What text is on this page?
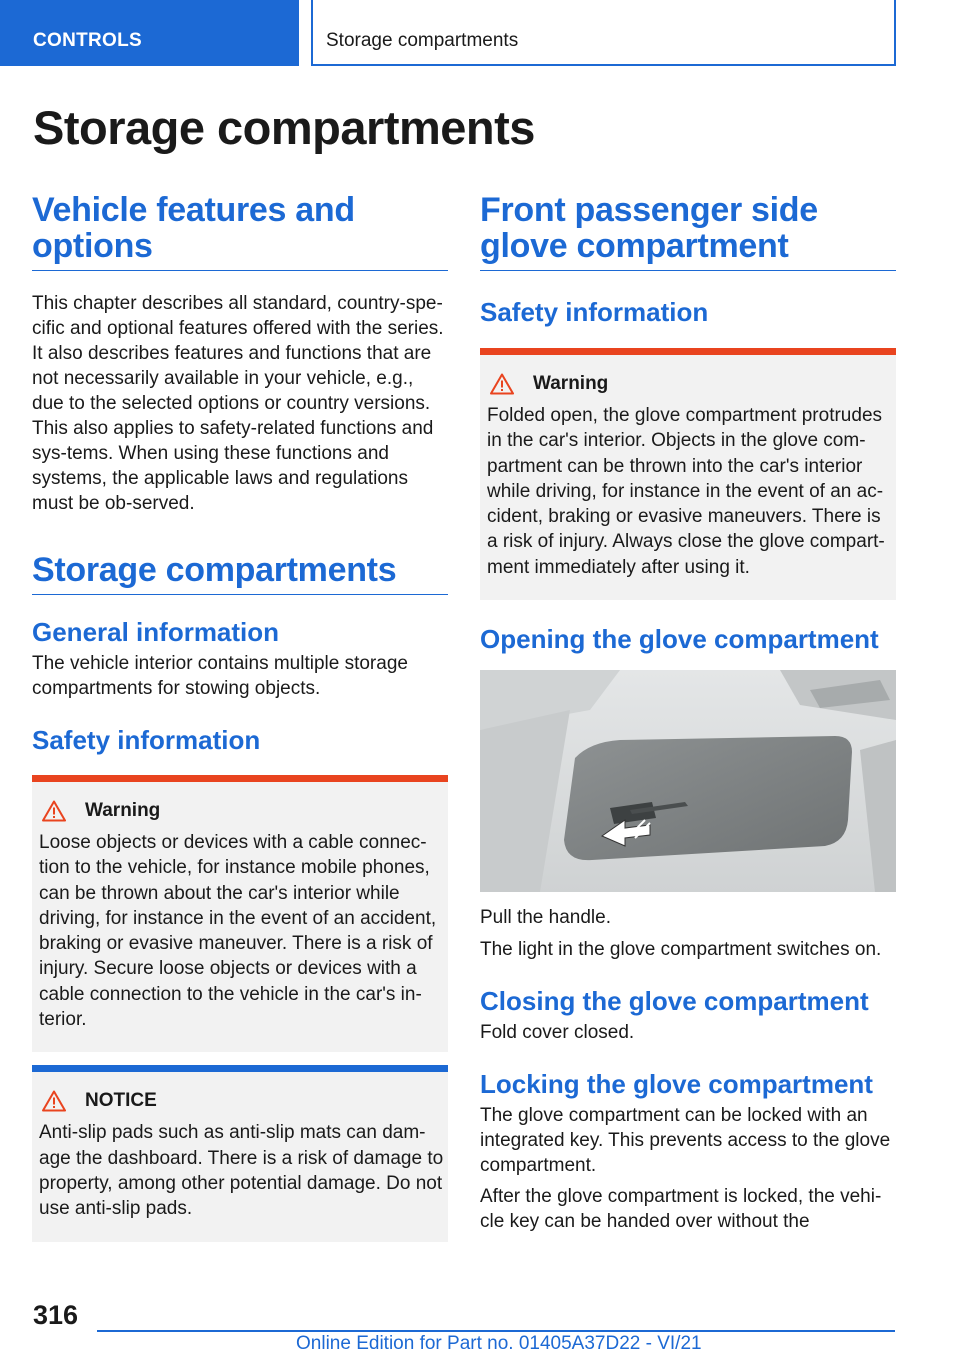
CONTROLS	Storage compartments
Storage compartments
Vehicle features and options

This chapter describes all standard, country-spe-cific and optional features offered with the series. It also describes features and functions that are not necessarily available in your vehicle, e.g., due to the selected options or country versions. This also applies to safety-related functions and sys-tems. When using these functions and systems, the applicable laws and regulations must be ob-served.

Storage compartments
General information

The vehicle interior contains multiple storage compartments for stowing objects.

Safety information
Warning

Loose objects or devices with a cable connec-tion to the vehicle, for instance mobile phones, can be thrown about the car's interior while driving, for instance in the event of an accident, braking or evasive maneuver. There is a risk of injury. Secure loose objects or devices with a cable connection to the vehicle in the car's in-terior.

NOTICE

Anti-slip pads such as anti-slip mats can dam-age the dashboard. There is a risk of damage to property, among other potential damage. Do not use anti-slip pads.

Front passenger side glove compartment
Safety information
Warning

Folded open, the glove compartment protrudes in the car's interior. Objects in the glove com-partment can be thrown into the car's interior while driving, for instance in the event of an ac-cident, braking or evasive maneuvers. There is a risk of injury. Always close the glove compart-ment immediately after using it.

Opening the glove compartment

Pull the handle.

The light in the glove compartment switches on.

Closing the glove compartment

Fold cover closed.

Locking the glove compartment

The glove compartment can be locked with an integrated key. This prevents access to the glove compartment.

After the glove compartment is locked, the vehi-cle key can be handed over without the

316
Online Edition for Part no. 01405A37D22 - VI/21
